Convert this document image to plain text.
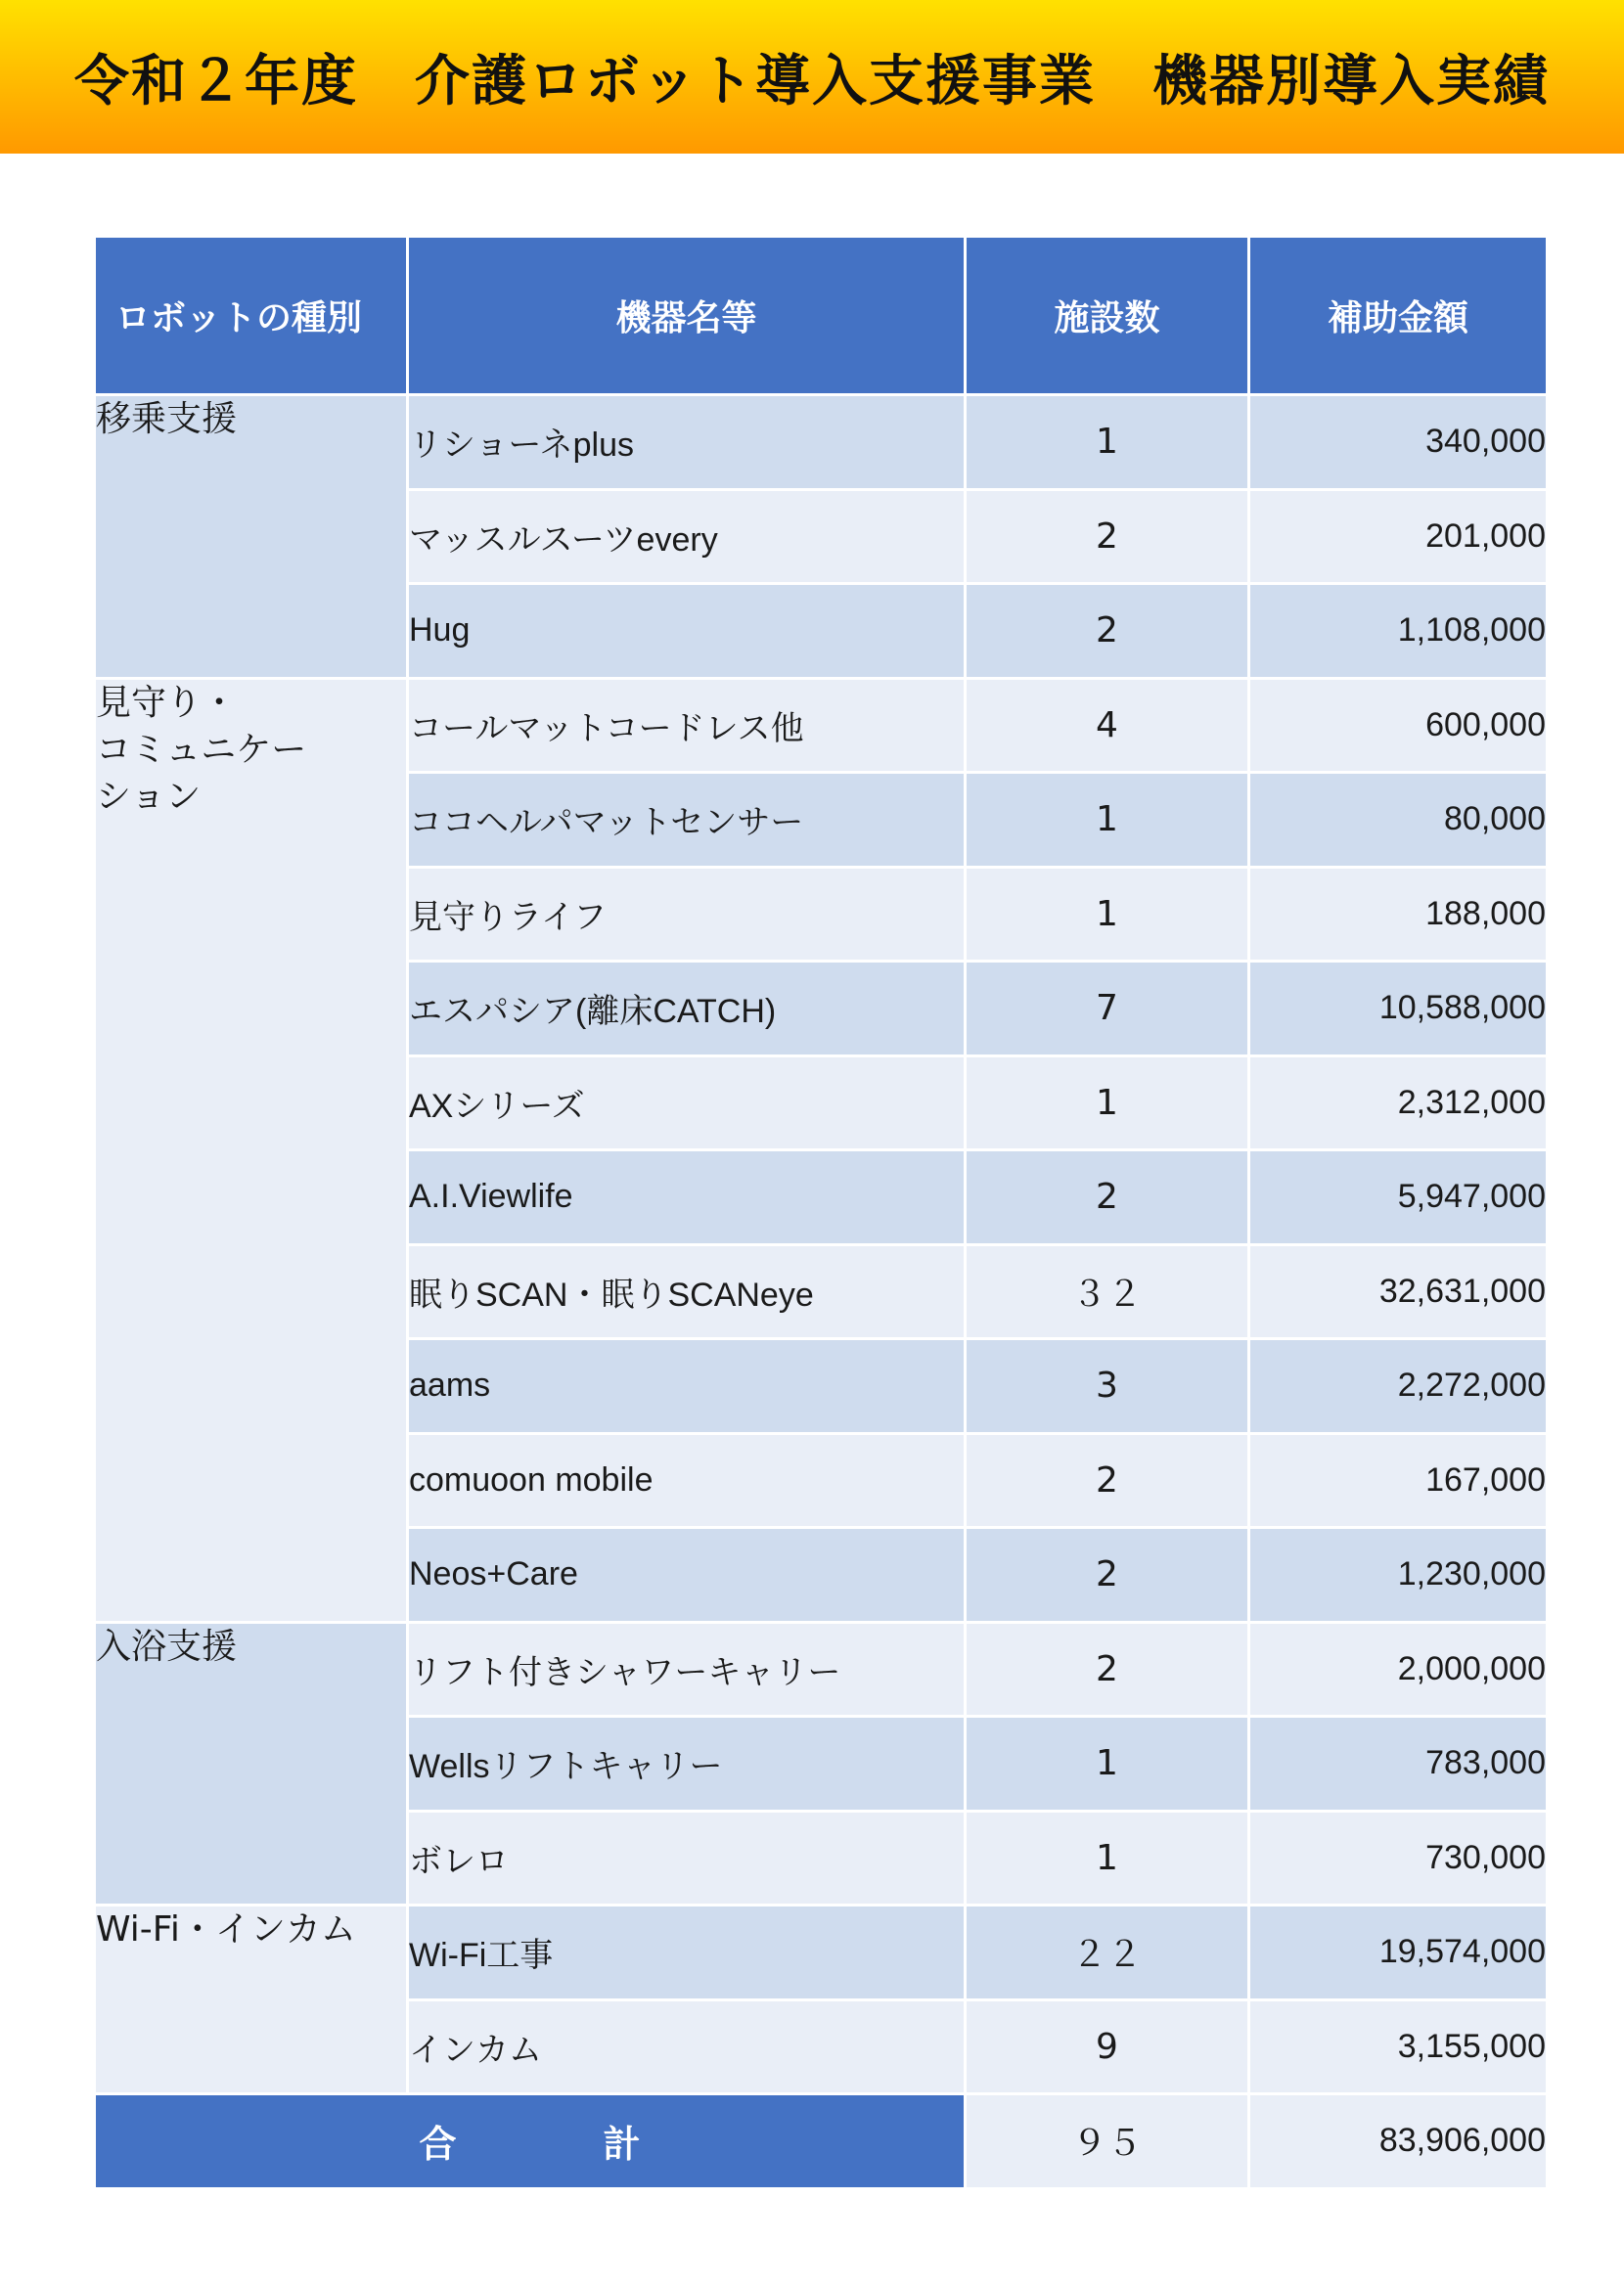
令和２年度　介護ロボット導入支援事業　機器別導入実績
ロボットの種別	機器名等	施設数	補助金額
移乗支援	リショーネplus	1	340,000
	マッスルスーツevery	2	201,000
	Hug	2	1,108,000
見守り・
コミュニケー
ション	コールマットコードレス他	4	600,000
	ココヘルパマットセンサー	1	80,000
	見守りライフ	1	188,000
	エスパシア(離床CATCH)	7	10,588,000
	AXシリーズ	1	2,312,000
	A.I.Viewlife	2	5,947,000
	眠りSCAN・眠りSCANeye	３２	32,631,000
	aams	3	2,272,000
	comuoon mobile	2	167,000
	Neos+Care	2	1,230,000
入浴支援	リフト付きシャワーキャリー	2	2,000,000
	Wellsリフトキャリー	1	783,000
	ボレロ	1	730,000
Wi-Fi・インカム	Wi-Fi工事	２２	19,574,000
	インカム	9	3,155,000
合 計		９５	83,906,000
